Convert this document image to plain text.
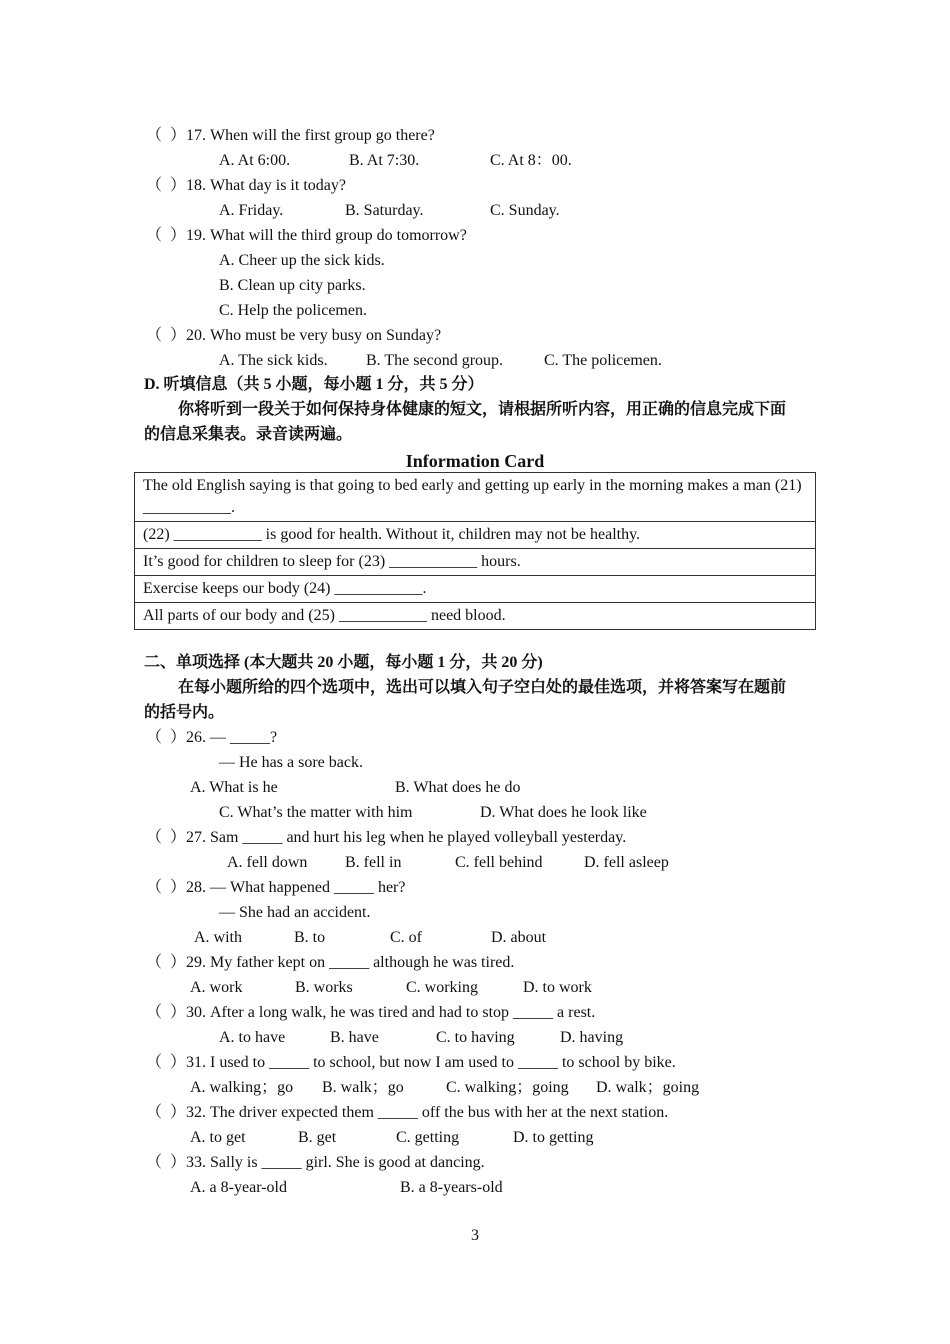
（  ）17. When will the first group go there?
A. At 6:00.	B. At 7:30.	C. At 8：00.
（  ）18. What day is it today?
A. Friday.	B. Saturday.	C. Sunday.
（  ）19. What will the third group do tomorrow?
A. Cheer up the sick kids.
B. Clean up city parks.
C. Help the policemen.
（  ）20. Who must be very busy on Sunday?
A. The sick kids. B. The second group.	C. The policemen.
D. 听填信息（共 5 小题，每小题 1 分，共 5 分）
你将听到一段关于如何保持身体健康的短文，请根据所听内容，用正确的信息完成下面
的信息采集表。录音读两遍。
Information Card
The old English saying is that going to bed early and getting up early in the morning makes a man (21) ___________.
(22) ___________ is good for health. Without it, children may not be healthy.
It’s good for children to sleep for (23) ___________ hours.
Exercise keeps our body (24) ___________.
All parts of our body and (25) ___________ need blood.
二、单项选择 (本大题共 20 小题，每小题 1 分，共 20 分)
在每小题所给的四个选项中，选出可以填入句子空白处的最佳选项，并将答案写在题前
的括号内。
（  ）26. — _____?
— He has a sore back.
A. What is he	B. What does he do
C. What’s the matter with him	D. What does he look like
（  ）27. Sam _____ and hurt his leg when he played volleyball yesterday.
A. fell down B. fell in	C. fell behind	D. fell asleep
（  ）28. — What happened _____ her?
— She had an accident.
A. with	B. to	C. of	D. about
（  ）29. My father kept on _____ although he was tired.
A. work	B. works	C. working	D. to work
（  ）30. After a long walk, he was tired and had to stop _____ a rest.
A. to have	B. have	C. to having	D. having
（  ）31. I used to _____ to school, but now I am used to _____ to school by bike.
A. walking；go B. walk；go	C. walking；going D. walk；going
（  ）32. The driver expected them _____ off the bus with her at the next station.
A. to get	B. get	C. getting	D. to getting
（  ）33. Sally is _____ girl. She is good at dancing.
A. a 8-year-old	B. a 8-years-old
3
